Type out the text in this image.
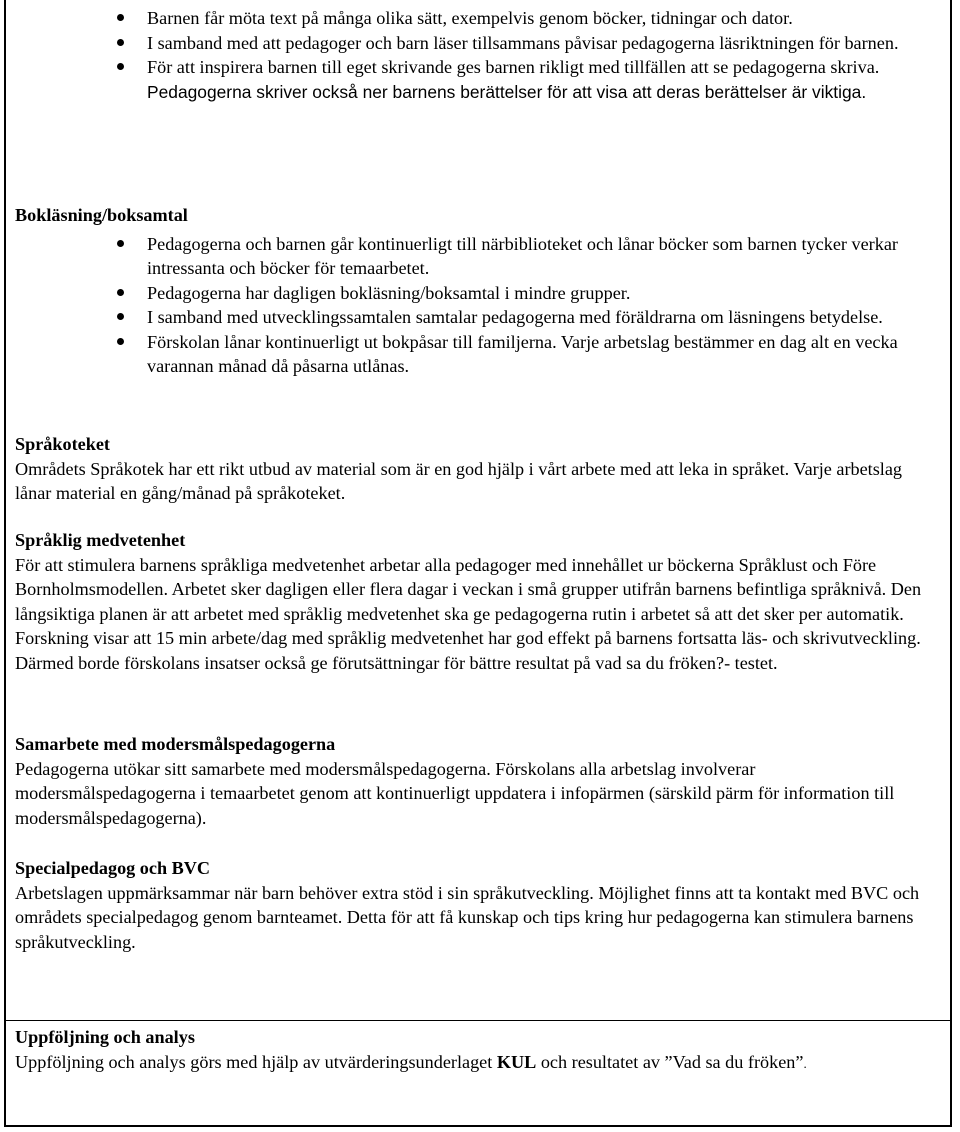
Barnen får möta text på många olika sätt, exempelvis genom böcker, tidningar och dator.
I samband med att pedagoger och barn läser tillsammans påvisar pedagogerna läsriktningen för barnen.
För att inspirera barnen till eget skrivande ges barnen rikligt med tillfällen att se pedagogerna skriva. Pedagogerna skriver också ner barnens berättelser för att visa att deras berättelser är viktiga.

Bokläsning/boksamtal

Pedagogerna och barnen går kontinuerligt till närbiblioteket och lånar böcker som barnen tycker verkar intressanta och böcker för temaarbetet.
Pedagogerna har dagligen bokläsning/boksamtal i mindre grupper.
I samband med utvecklingssamtalen samtalar pedagogerna med föräldrarna om läsningens betydelse.
Förskolan lånar kontinuerligt ut bokpåsar till familjerna. Varje arbetslag bestämmer en dag alt en vecka varannan månad då påsarna utlånas.

Språkoteket

Områdets Språkotek har ett rikt utbud av material som är en god hjälp i vårt arbete med att leka in språket. Varje arbetslag lånar material en gång/månad på språkoteket.

Språklig medvetenhet

För att stimulera barnens språkliga medvetenhet arbetar alla pedagoger med innehållet ur böckerna Språklust och Före Bornholmsmodellen. Arbetet sker dagligen eller flera dagar i veckan i små grupper utifrån barnens befintliga språknivå. Den långsiktiga planen är att arbetet med språklig medvetenhet ska ge pedagogerna rutin i arbetet så att det sker per automatik. Forskning visar att 15 min arbete/dag med språklig medvetenhet har god effekt på barnens fortsatta läs- och skrivutveckling. Därmed borde förskolans insatser också ge förutsättningar för bättre resultat på vad sa du fröken?- testet.

Samarbete med modersmålspedagogerna

Pedagogerna utökar sitt samarbete med modersmålspedagogerna. Förskolans alla arbetslag involverar modersmålspedagogerna i temaarbetet genom att kontinuerligt uppdatera i infopärmen (särskild pärm för information till modersmålspedagogerna).

Specialpedagog och BVC

Arbetslagen uppmärksammar när barn behöver extra stöd i sin språkutveckling. Möjlighet finns att ta kontakt med BVC och områdets specialpedagog genom barnteamet. Detta för att få kunskap och tips kring hur pedagogerna kan stimulera barnens språkutveckling.

Uppföljning och analys

Uppföljning och analys görs med hjälp av utvärderingsunderlaget KUL och resultatet av ”Vad sa du fröken”.
